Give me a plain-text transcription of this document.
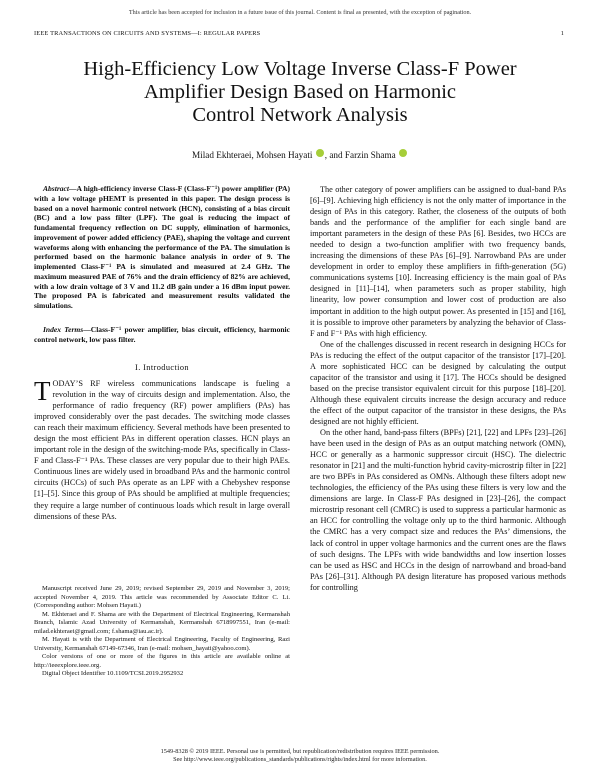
This article has been accepted for inclusion in a future issue of this journal. Content is final as presented, with the exception of pagination.
IEEE TRANSACTIONS ON CIRCUITS AND SYSTEMS—I: REGULAR PAPERS	1
High-Efficiency Low Voltage Inverse Class-F Power
Amplifier Design Based on Harmonic
Control Network Analysis
Milad Ekhteraei, Mohsen Hayati , and Farzin Shama
Abstract—A high-efficiency inverse Class-F (Class-F⁻¹) power amplifier (PA) with a low voltage pHEMT is presented in this paper. The design process is based on a novel harmonic control network (HCN), consisting of a bias circuit (BC) and a low pass filter (LPF). The goal is reducing the impact of fundamental frequency reflection on DC supply, elimination of harmonics, improvement of power added efficiency (PAE), shaping the voltage and current waveforms along with enhancing the performance of the PA. The simulation is performed based on the harmonic balance analysis in order of 9. The implemented Class-F⁻¹ PA is simulated and measured at 2.4 GHz. The maximum measured PAE of 76% and the drain efficiency of 82% are achieved, with a low drain voltage of 3 V and 11.2 dB gain under a 16 dBm input power. The proposed PA is fabricated and measurement results validated the simulations.
Index Terms—Class-F⁻¹ power amplifier, bias circuit, efficiency, harmonic control network, low pass filter.
I. Introduction
TODAY’S RF wireless communications landscape is fueling a revolution in the way of circuits design and implementation. Also, the performance of radio frequency (RF) power amplifiers (PAs) has improved considerably over the past decades. The switching mode classes can reach their maximum efficiency. Several methods have been presented to design the most efficient PAs in different operation classes. HCN plays an important role in the design of the switching-mode PAs, specifically in Class-F and Class-F⁻¹ PAs. These classes are very popular due to their high PAEs. Continuous lines are widely used in broadband PAs and the harmonic control circuits (HCCs) of such PAs operate as an LPF with a Chebyshev response [1]–[5]. Since this group of PAs should be amplified at multiple frequencies; they require a large number of continuous loads which result in large overall dimensions of these PAs.

Manuscript received June 29, 2019; revised September 29, 2019 and November 3, 2019; accepted November 4, 2019. This article was recommended by Associate Editor C. Li. (Corresponding author: Mohsen Hayati.)

M. Ekhteraei and F. Shama are with the Department of Electrical Engineering, Kermanshah Branch, Islamic Azad University of Kermanshah, Kermanshah 6718997551, Iran (e-mail: milad.ekhteraei@gmail.com; f.shama@iau.ac.ir).

M. Hayati is with the Department of Electrical Engineering, Faculty of Engineering, Razi University, Kermanshah 67149-67346, Iran (e-mail: mohsen_hayati@yahoo.com).

Color versions of one or more of the figures in this article are available online at http://ieeexplore.ieee.org.

Digital Object Identifier 10.1109/TCSI.2019.2952932

The other category of power amplifiers can be assigned to dual-band PAs [6]–[9]. Achieving high efficiency is not the only matter of importance in the design of PAs in this category. Rather, the closeness of the outputs of both bands and the performance of the amplifier for each single band are important parameters in the design of these PAs [6]. Besides, two HCCs are needed to design a two-function amplifier with two frequency bands, increasing the dimensions of these PAs [6]–[9]. Narrowband PAs are under development in order to employ these amplifiers in fifth-generation (5G) communications systems [10]. Increasing efficiency is the main goal of PAs designed in [11]–[14], when parameters such as proper stability, high linearity, low power consumption and lower cost of production are also important in addition to the high output power. As presented in [15] and [16], it is possible to improve other parameters by analyzing the behavior of Class-F and F⁻¹ PAs with high efficiency.

One of the challenges discussed in recent research in designing HCCs for PAs is reducing the effect of the output capacitor of the transistor [17]–[20]. A more sophisticated HCC can be designed by calculating the output capacitor of the transistor and using it [17]. The HCCs should be designed based on the precise transistor equivalent circuit for this purpose [18]–[20]. Although these equivalent circuits increase the design accuracy and reduce the effect of the output capacitor of the transistor in these designs, the PAs designed are not highly efficient.

On the other hand, band-pass filters (BPFs) [21], [22] and LPFs [23]–[26] have been used in the design of PAs as an output matching network (OMN), HCC or generally as a harmonic suppressor circuit (HSC). The dielectric resonator in [21] and the multi-function hybrid cavity-microstrip filter in [22] are two BPFs in PAs considered as OMNs. Although these filters adopt new technologies, the efficiency of the PAs using these filters is very low and the dimensions are large. In Class-F PAs designed in [23]–[26], the compact microstrip resonant cell (CMRC) is used to suppress a particular harmonic as an HCC for controlling the voltage only up to the third harmonic. Although the CMRC has a very compact size and reduces the PAs’ dimensions, the lack of control in upper voltage harmonics and the current ones are the flaws of such designs. The LPFs with wide bandwidths and low insertion losses can be used as HSC and HCCs in the design of narrowband and broad-band PAs [26]–[31]. Although PA design literature has proposed various methods for controlling

1549-8328 © 2019 IEEE. Personal use is permitted, but republication/redistribution requires IEEE permission.
See http://www.ieee.org/publications_standards/publications/rights/index.html for more information.
